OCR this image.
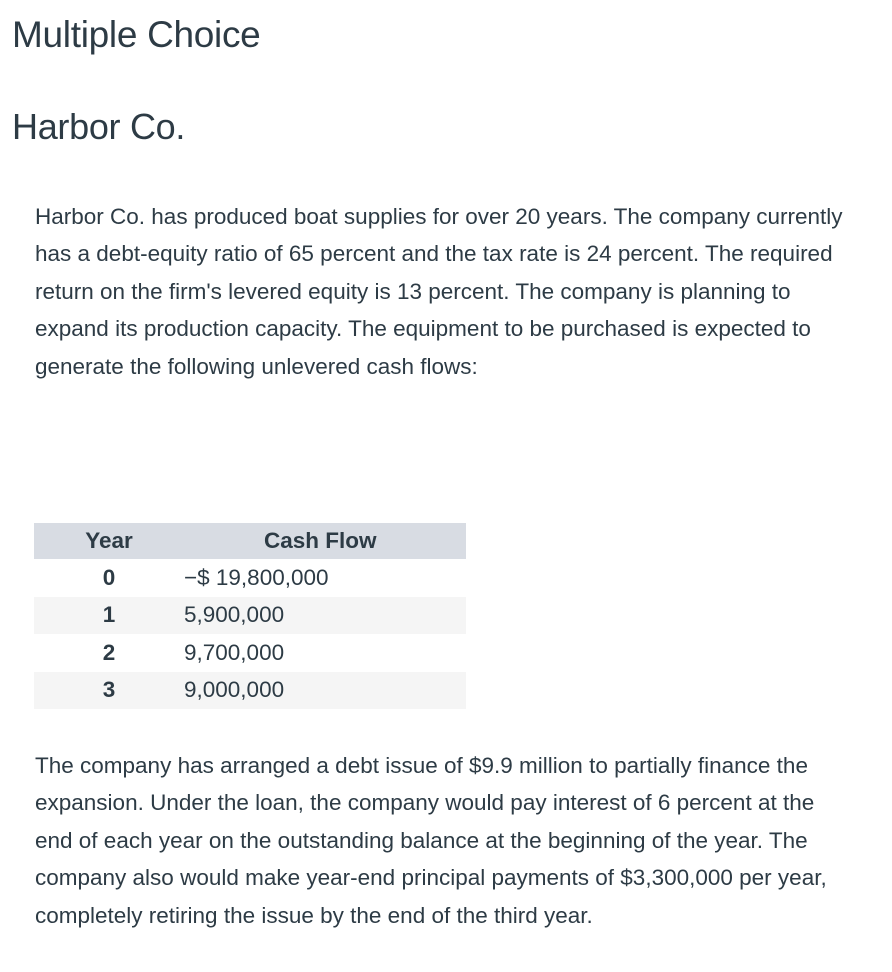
Multiple Choice
Harbor Co.

Harbor Co. has produced boat supplies for over 20 years. The company currently has a debt-equity ratio of 65 percent and the tax rate is 24 percent. The required return on the firm's levered equity is 13 percent. The company is planning to expand its production capacity. The equipment to be purchased is expected to generate the following unlevered cash flows:

Year	Cash Flow
0	−$ 19,800,000
1	5,900,000
2	9,700,000
3	9,000,000

The company has arranged a debt issue of $9.9 million to partially finance the expansion. Under the loan, the company would pay interest of 6 percent at the end of each year on the outstanding balance at the beginning of the year. The company also would make year-end principal payments of $3,300,000 per year, completely retiring the issue by the end of the third year.
